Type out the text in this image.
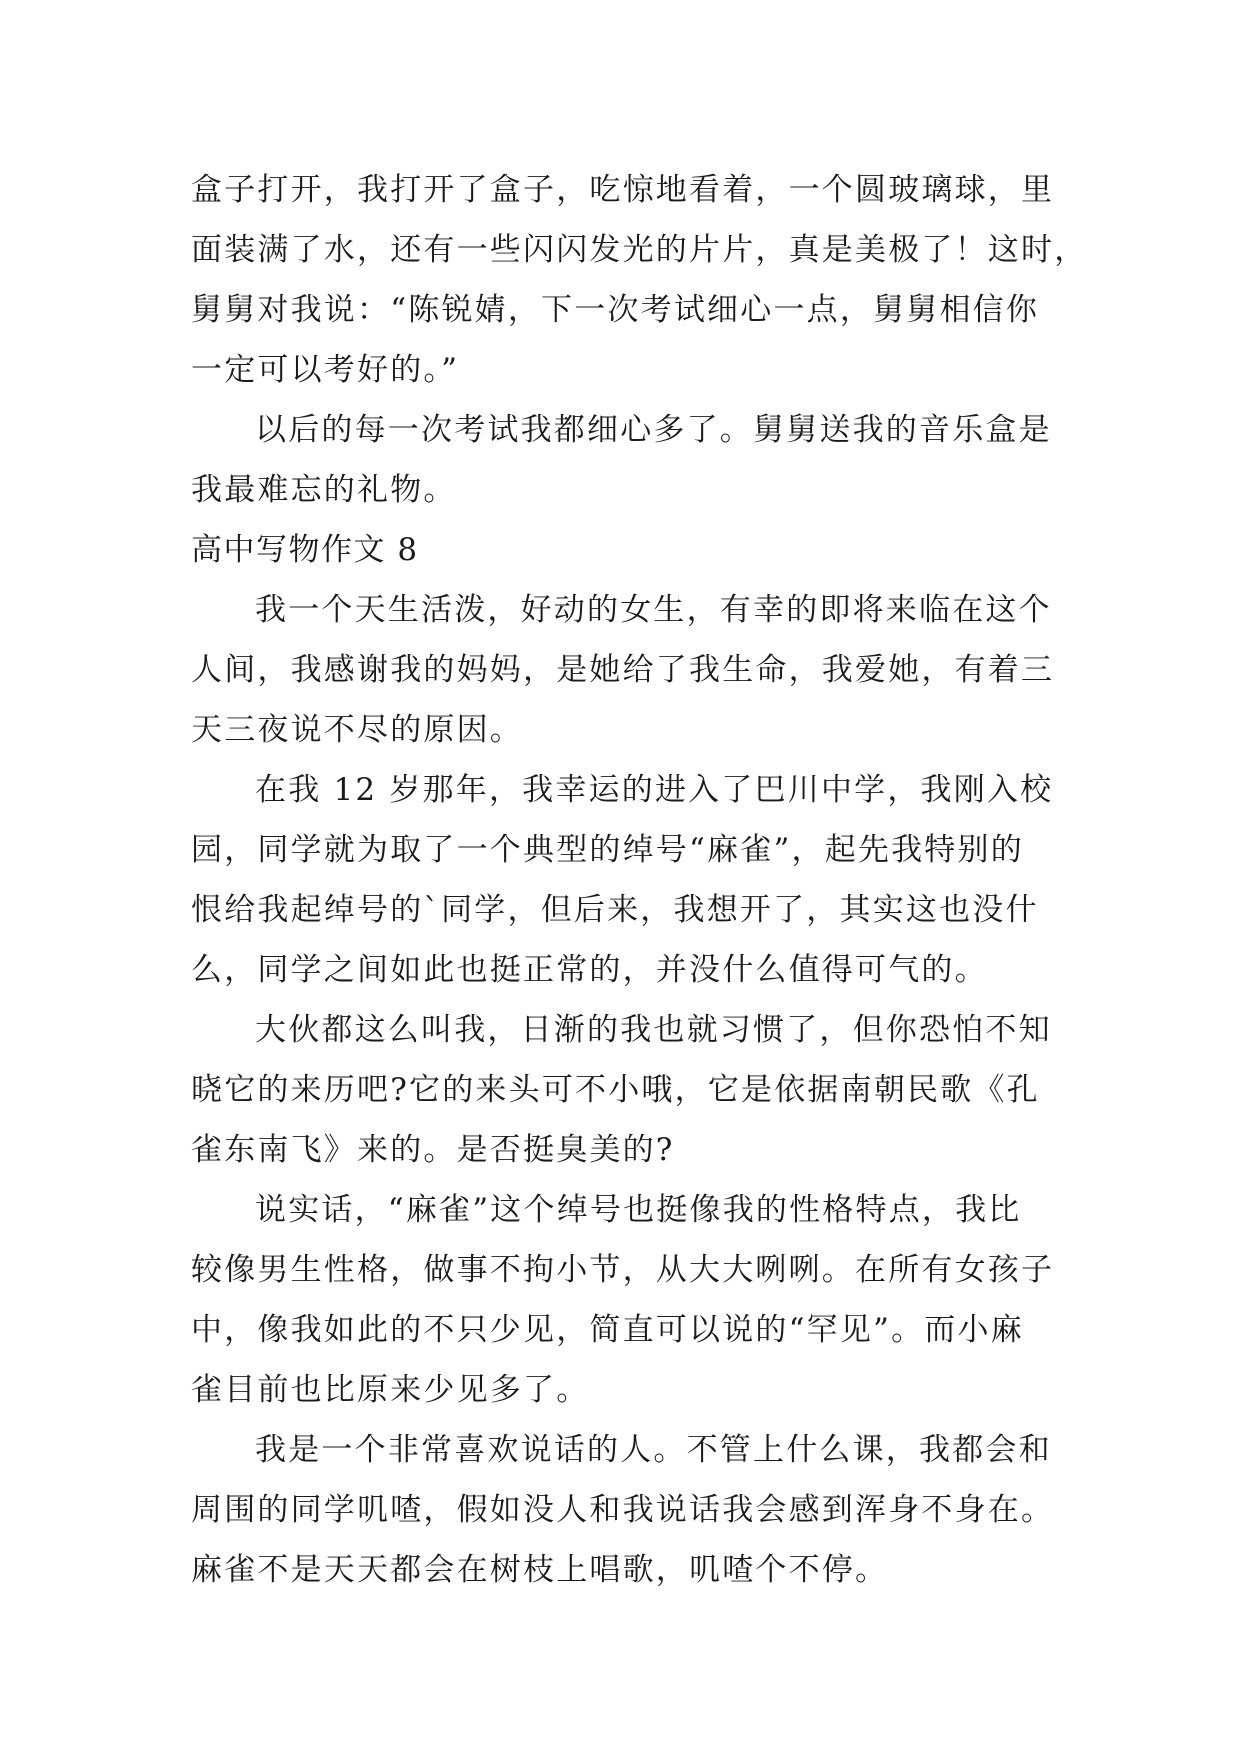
盒子打开，我打开了盒子，吃惊地看着，一个圆玻璃球，里
面装满了水，还有一些闪闪发光的片片，真是美极了！这时，
舅舅对我说：“陈锐婧，下一次考试细心一点，舅舅相信你
一定可以考好的。”
以后的每一次考试我都细心多了。舅舅送我的音乐盒是
我最难忘的礼物。
高中写物作文 8
我一个天生活泼，好动的女生，有幸的即将来临在这个
人间，我感谢我的妈妈，是她给了我生命，我爱她，有着三
天三夜说不尽的原因。
在我 12 岁那年，我幸运的进入了巴川中学，我刚入校
园，同学就为取了一个典型的绰号“麻雀”，起先我特别的
恨给我起绰号的`同学，但后来，我想开了，其实这也没什
么，同学之间如此也挺正常的，并没什么值得可气的。
大伙都这么叫我，日渐的我也就习惯了，但你恐怕不知
晓它的来历吧?它的来头可不小哦，它是依据南朝民歌《孔
雀东南飞》来的。是否挺臭美的?
说实话，“麻雀”这个绰号也挺像我的性格特点，我比
较像男生性格，做事不拘小节，从大大咧咧。在所有女孩子
中，像我如此的不只少见，简直可以说的“罕见”。而小麻
雀目前也比原来少见多了。
我是一个非常喜欢说话的人。不管上什么课，我都会和
周围的同学叽喳，假如没人和我说话我会感到浑身不身在。
麻雀不是天天都会在树枝上唱歌，叽喳个不停。
